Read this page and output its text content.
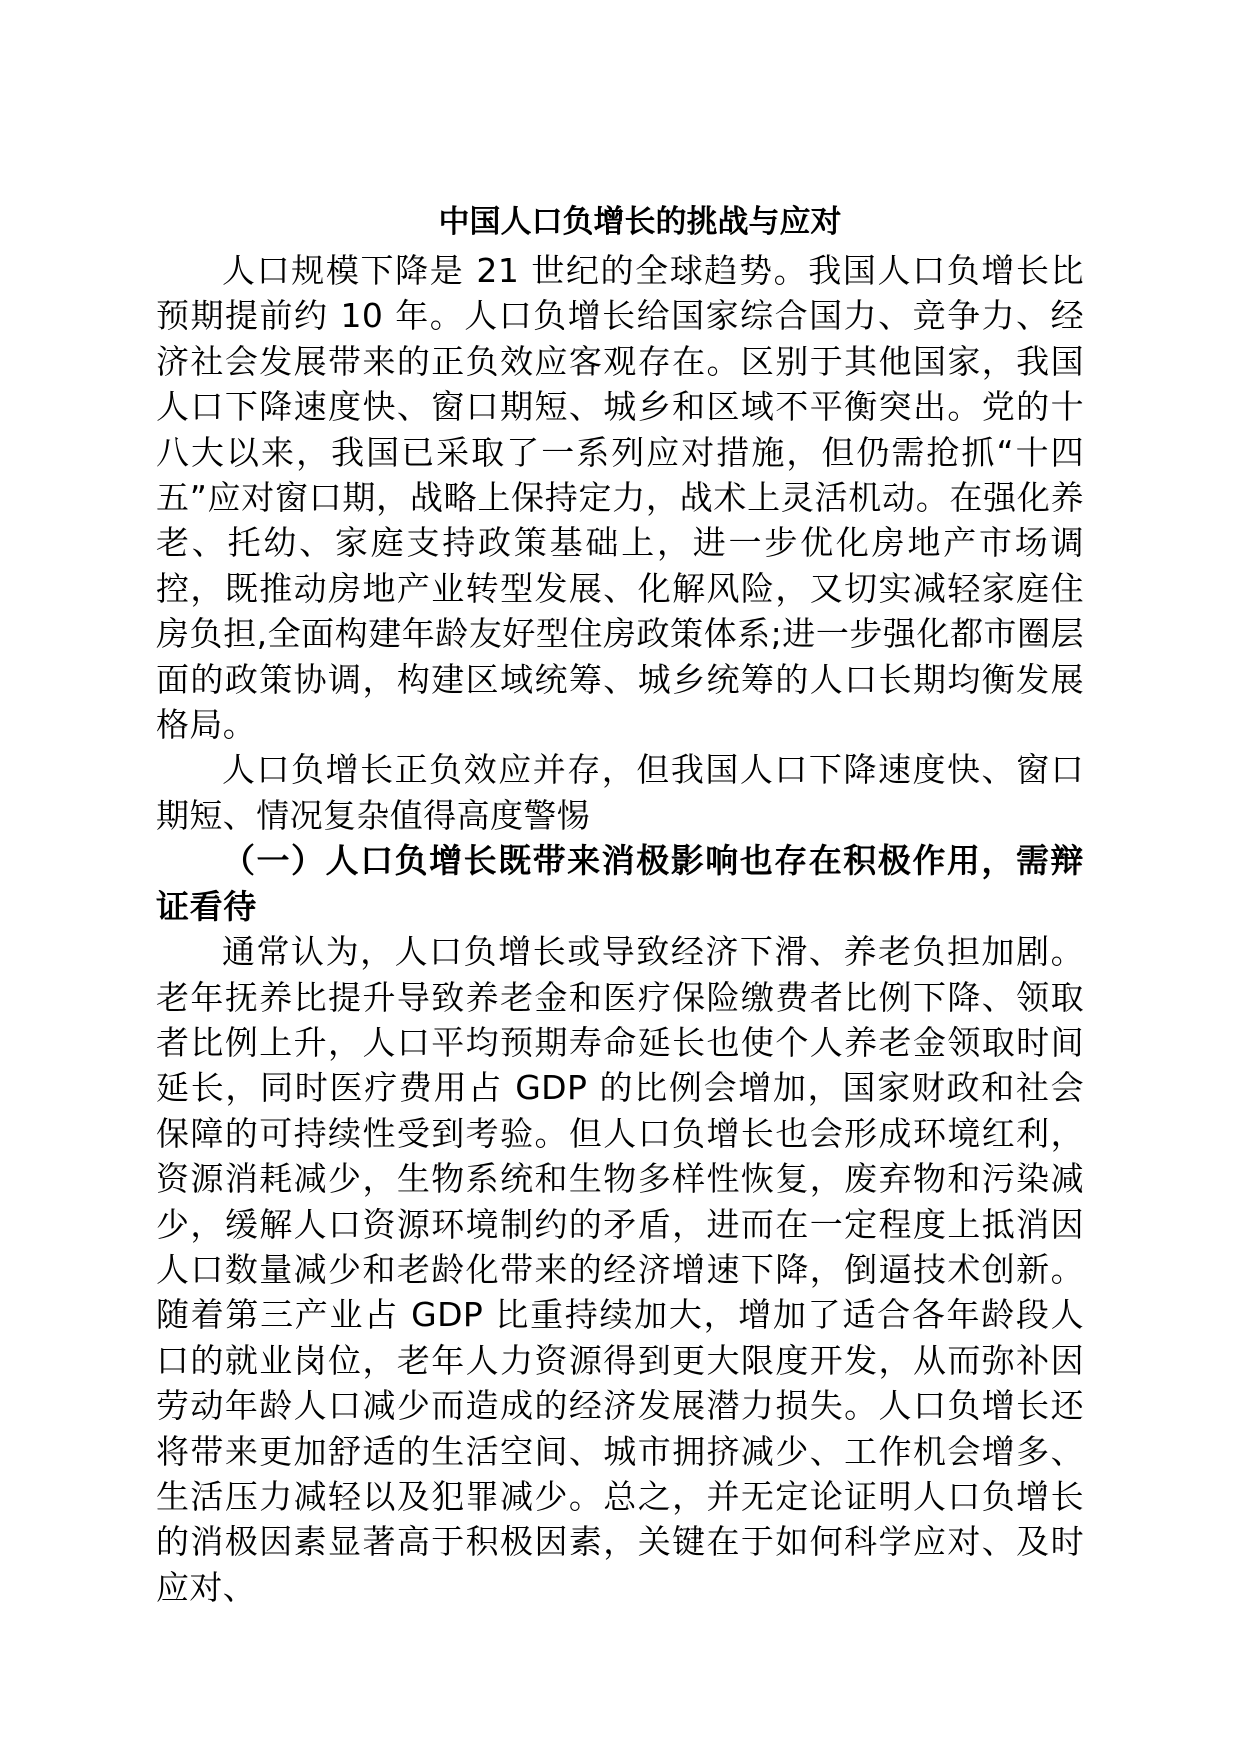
中国人口负增长的挑战与应对

人口规模下降是 21 世纪的全球趋势。我国人口负增长比预期提前约 10 年。人口负增长给国家综合国力、竞争力、经济社会发展带来的正负效应客观存在。区别于其他国家，我国人口下降速度快、窗口期短、城乡和区域不平衡突出。党的十八大以来，我国已采取了一系列应对措施，但仍需抢抓“十四五”应对窗口期，战略上保持定力，战术上灵活机动。在强化养老、托幼、家庭支持政策基础上，进一步优化房地产市场调控，既推动房地产业转型发展、化解风险，又切实减轻家庭住房负担,全面构建年龄友好型住房政策体系;进一步强化都市圈层面的政策协调，构建区域统筹、城乡统筹的人口长期均衡发展格局。

人口负增长正负效应并存，但我国人口下降速度快、窗口期短、情况复杂值得高度警惕

（一）人口负增长既带来消极影响也存在积极作用，需辩证看待

通常认为，人口负增长或导致经济下滑、养老负担加剧。老年抚养比提升导致养老金和医疗保险缴费者比例下降、领取者比例上升，人口平均预期寿命延长也使个人养老金领取时间延长，同时医疗费用占 GDP 的比例会增加，国家财政和社会保障的可持续性受到考验。但人口负增长也会形成环境红利，资源消耗减少，生物系统和生物多样性恢复，废弃物和污染减少，缓解人口资源环境制约的矛盾，进而在一定程度上抵消因人口数量减少和老龄化带来的经济增速下降，倒逼技术创新。随着第三产业占 GDP 比重持续加大，增加了适合各年龄段人口的就业岗位，老年人力资源得到更大限度开发，从而弥补因劳动年龄人口减少而造成的经济发展潜力损失。人口负增长还将带来更加舒适的生活空间、城市拥挤减少、工作机会增多、生活压力减轻以及犯罪减少。总之，并无定论证明人口负增长的消极因素显著高于积极因素，关键在于如何科学应对、及时应对、
